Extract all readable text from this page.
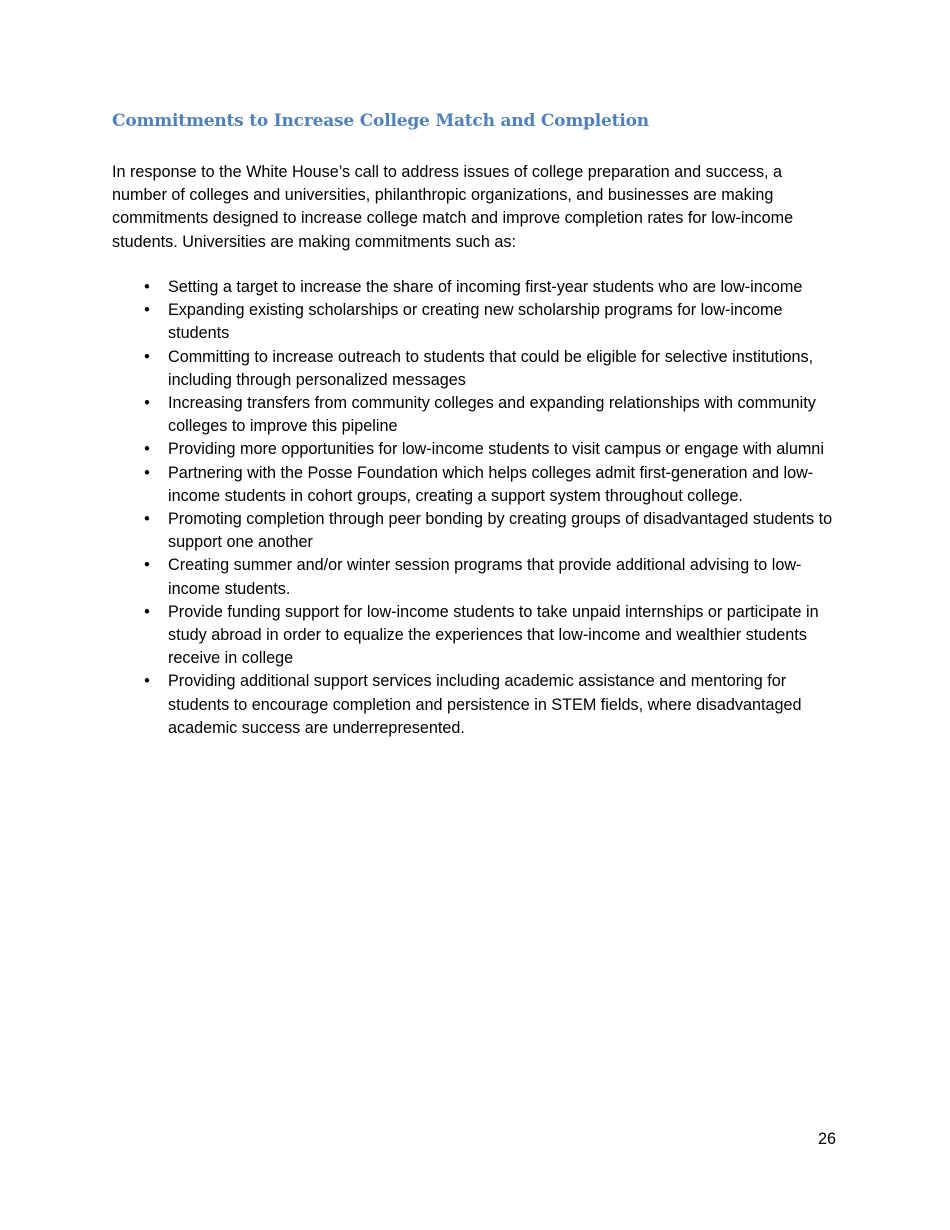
Commitments to Increase College Match and Completion

In response to the White House’s call to address issues of college preparation and success, a number of colleges and universities, philanthropic organizations, and businesses are making commitments designed to increase college match and improve completion rates for low-income students. Universities are making commitments such as:

• Setting a target to increase the share of incoming first-year students who are low-income
• Expanding existing scholarships or creating new scholarship programs for low-income students
• Committing to increase outreach to students that could be eligible for selective institutions, including through personalized messages
• Increasing transfers from community colleges and expanding relationships with community colleges to improve this pipeline
• Providing more opportunities for low-income students to visit campus or engage with alumni
• Partnering with the Posse Foundation which helps colleges admit first-generation and low-income students in cohort groups, creating a support system throughout college.
• Promoting completion through peer bonding by creating groups of disadvantaged students to support one another
• Creating summer and/or winter session programs that provide additional advising to low-income students.
• Provide funding support for low-income students to take unpaid internships or participate in study abroad in order to equalize the experiences that low-income and wealthier students receive in college
• Providing additional support services including academic assistance and mentoring for students to encourage completion and persistence in STEM fields, where disadvantaged academic success are underrepresented.

26
